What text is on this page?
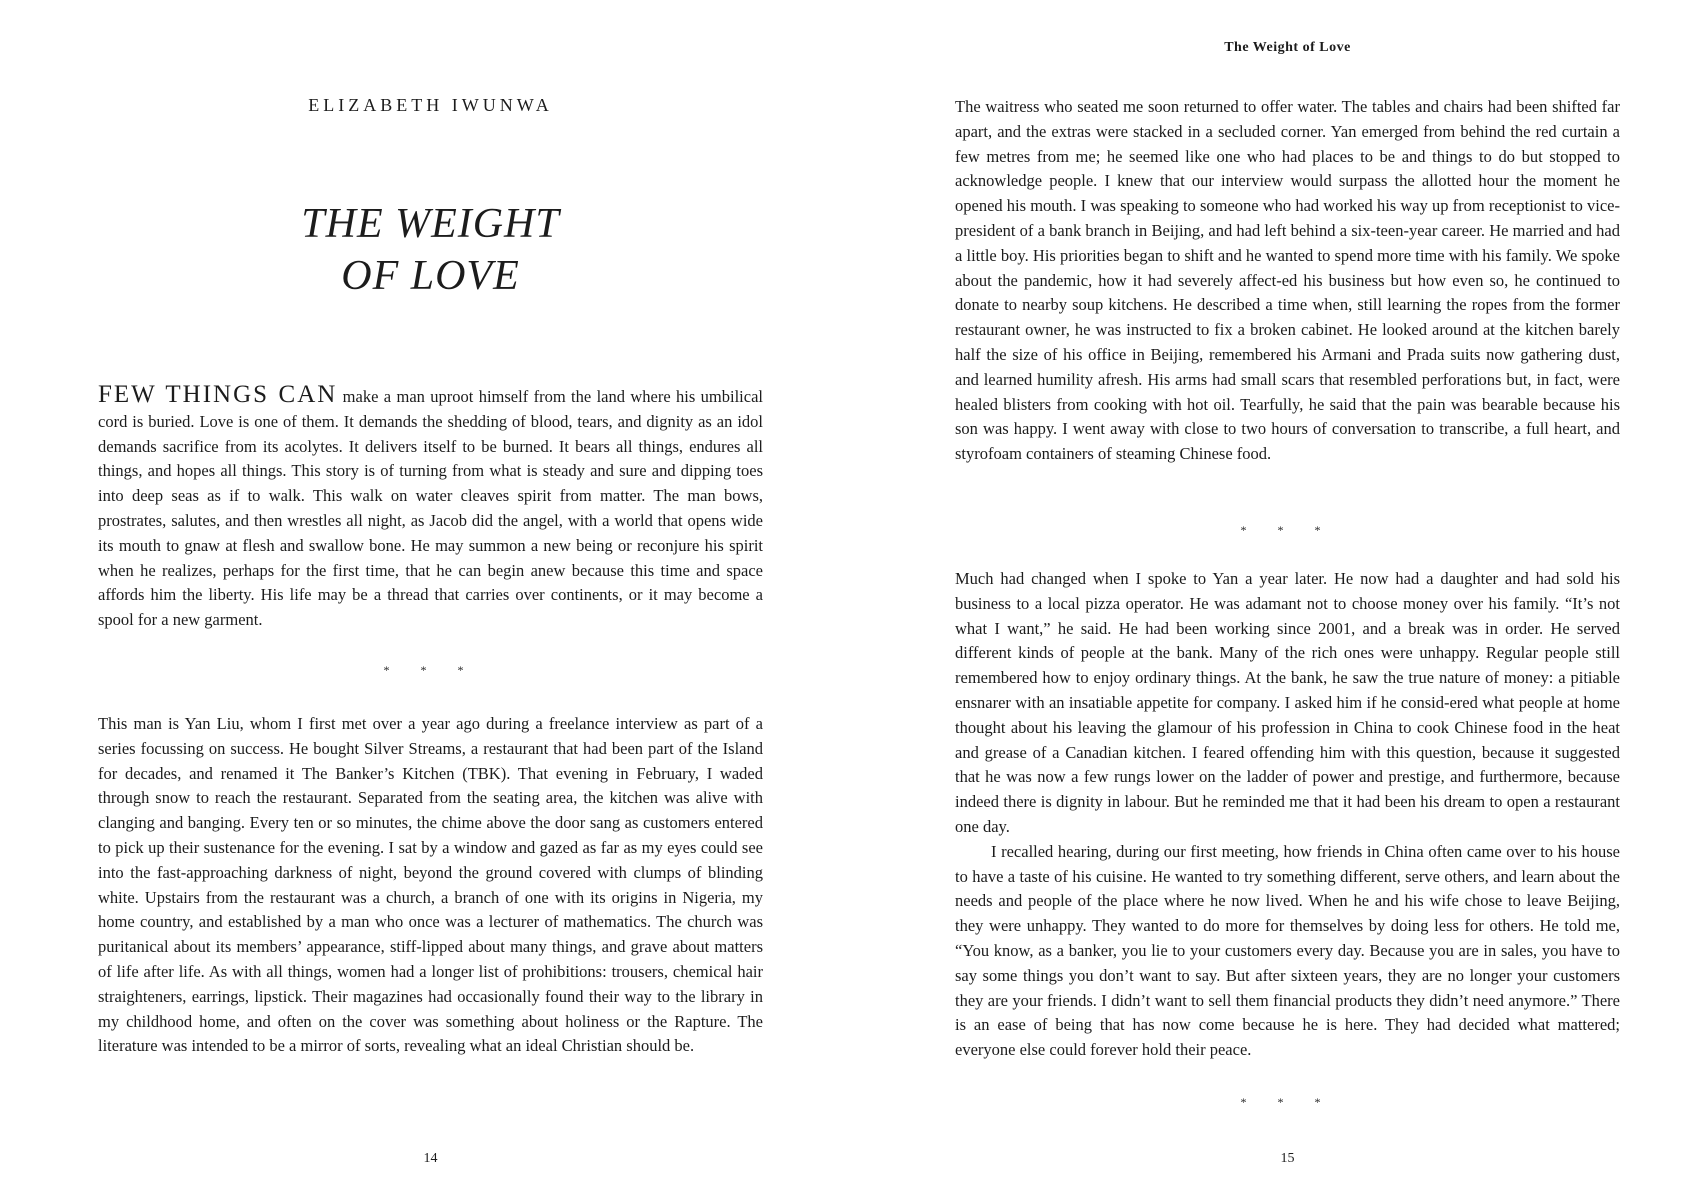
ELIZABETH IWUNWA
THE WEIGHT
OF LOVE

FEW THINGS CAN make a man uproot himself from the land where his umbilical cord is buried. Love is one of them. It demands the shedding of blood, tears, and dignity as an idol demands sacrifice from its acolytes. It delivers itself to be burned. It bears all things, endures all things, and hopes all things. This story is of turning from what is steady and sure and dipping toes into deep seas as if to walk. This walk on water cleaves spirit from matter. The man bows, prostrates, salutes, and then wrestles all night, as Jacob did the angel, with a world that opens wide its mouth to gnaw at flesh and swallow bone. He may summon a new being or reconjure his spirit when he realizes, perhaps for the first time, that he can begin anew because this time and space affords him the liberty. His life may be a thread that carries over continents, or it may become a spool for a new garment.

* * *

This man is Yan Liu, whom I first met over a year ago during a freelance interview as part of a series focussing on success. He bought Silver Streams, a restaurant that had been part of the Island for decades, and renamed it The Banker’s Kitchen (TBK). That evening in February, I waded through snow to reach the restaurant. Separated from the seating area, the kitchen was alive with clanging and banging. Every ten or so minutes, the chime above the door sang as customers entered to pick up their sustenance for the evening. I sat by a window and gazed as far as my eyes could see into the fast-approaching darkness of night, beyond the ground covered with clumps of blinding white. Upstairs from the restaurant was a church, a branch of one with its origins in Nigeria, my home country, and established by a man who once was a lecturer of mathematics. The church was puritanical about its members’ appearance, stiff-lipped about many things, and grave about matters of life after life. As with all things, women had a longer list of prohibitions: trousers, chemical hair straighteners, earrings, lipstick. Their magazines had occasionally found their way to the library in my childhood home, and often on the cover was something about holiness or the Rapture. The literature was intended to be a mirror of sorts, revealing what an ideal Christian should be.

14
The Weight of Love

The waitress who seated me soon returned to offer water. The tables and chairs had been shifted far apart, and the extras were stacked in a secluded corner. Yan emerged from behind the red curtain a few metres from me; he seemed like one who had places to be and things to do but stopped to acknowledge people. I knew that our interview would surpass the allotted hour the moment he opened his mouth. I was speaking to someone who had worked his way up from receptionist to vice-president of a bank branch in Beijing, and had left behind a six-teen-year career. He married and had a little boy. His priorities began to shift and he wanted to spend more time with his family. We spoke about the pandemic, how it had severely affect-ed his business but how even so, he continued to donate to nearby soup kitchens. He described a time when, still learning the ropes from the former restaurant owner, he was instructed to fix a broken cabinet. He looked around at the kitchen barely half the size of his office in Beijing, remembered his Armani and Prada suits now gathering dust, and learned humility afresh. His arms had small scars that resembled perforations but, in fact, were healed blisters from cooking with hot oil. Tearfully, he said that the pain was bearable because his son was happy. I went away with close to two hours of conversation to transcribe, a full heart, and styrofoam containers of steaming Chinese food.

* * *

Much had changed when I spoke to Yan a year later. He now had a daughter and had sold his business to a local pizza operator. He was adamant not to choose money over his family. “It’s not what I want,” he said. He had been working since 2001, and a break was in order. He served different kinds of people at the bank. Many of the rich ones were unhappy. Regular people still remembered how to enjoy ordinary things. At the bank, he saw the true nature of money: a pitiable ensnarer with an insatiable appetite for company. I asked him if he consid-ered what people at home thought about his leaving the glamour of his profession in China to cook Chinese food in the heat and grease of a Canadian kitchen. I feared offending him with this question, because it suggested that he was now a few rungs lower on the ladder of power and prestige, and furthermore, because indeed there is dignity in labour. But he reminded me that it had been his dream to open a restaurant one day.

I recalled hearing, during our first meeting, how friends in China often came over to his house to have a taste of his cuisine. He wanted to try something different, serve others, and learn about the needs and people of the place where he now lived. When he and his wife chose to leave Beijing, they were unhappy. They wanted to do more for themselves by doing less for others. He told me, “You know, as a banker, you lie to your customers every day. Because you are in sales, you have to say some things you don’t want to say. But after sixteen years, they are no longer your customers they are your friends. I didn’t want to sell them financial products they didn’t need anymore.” There is an ease of being that has now come because he is here. They had decided what mattered; everyone else could forever hold their peace.

* * *
15
